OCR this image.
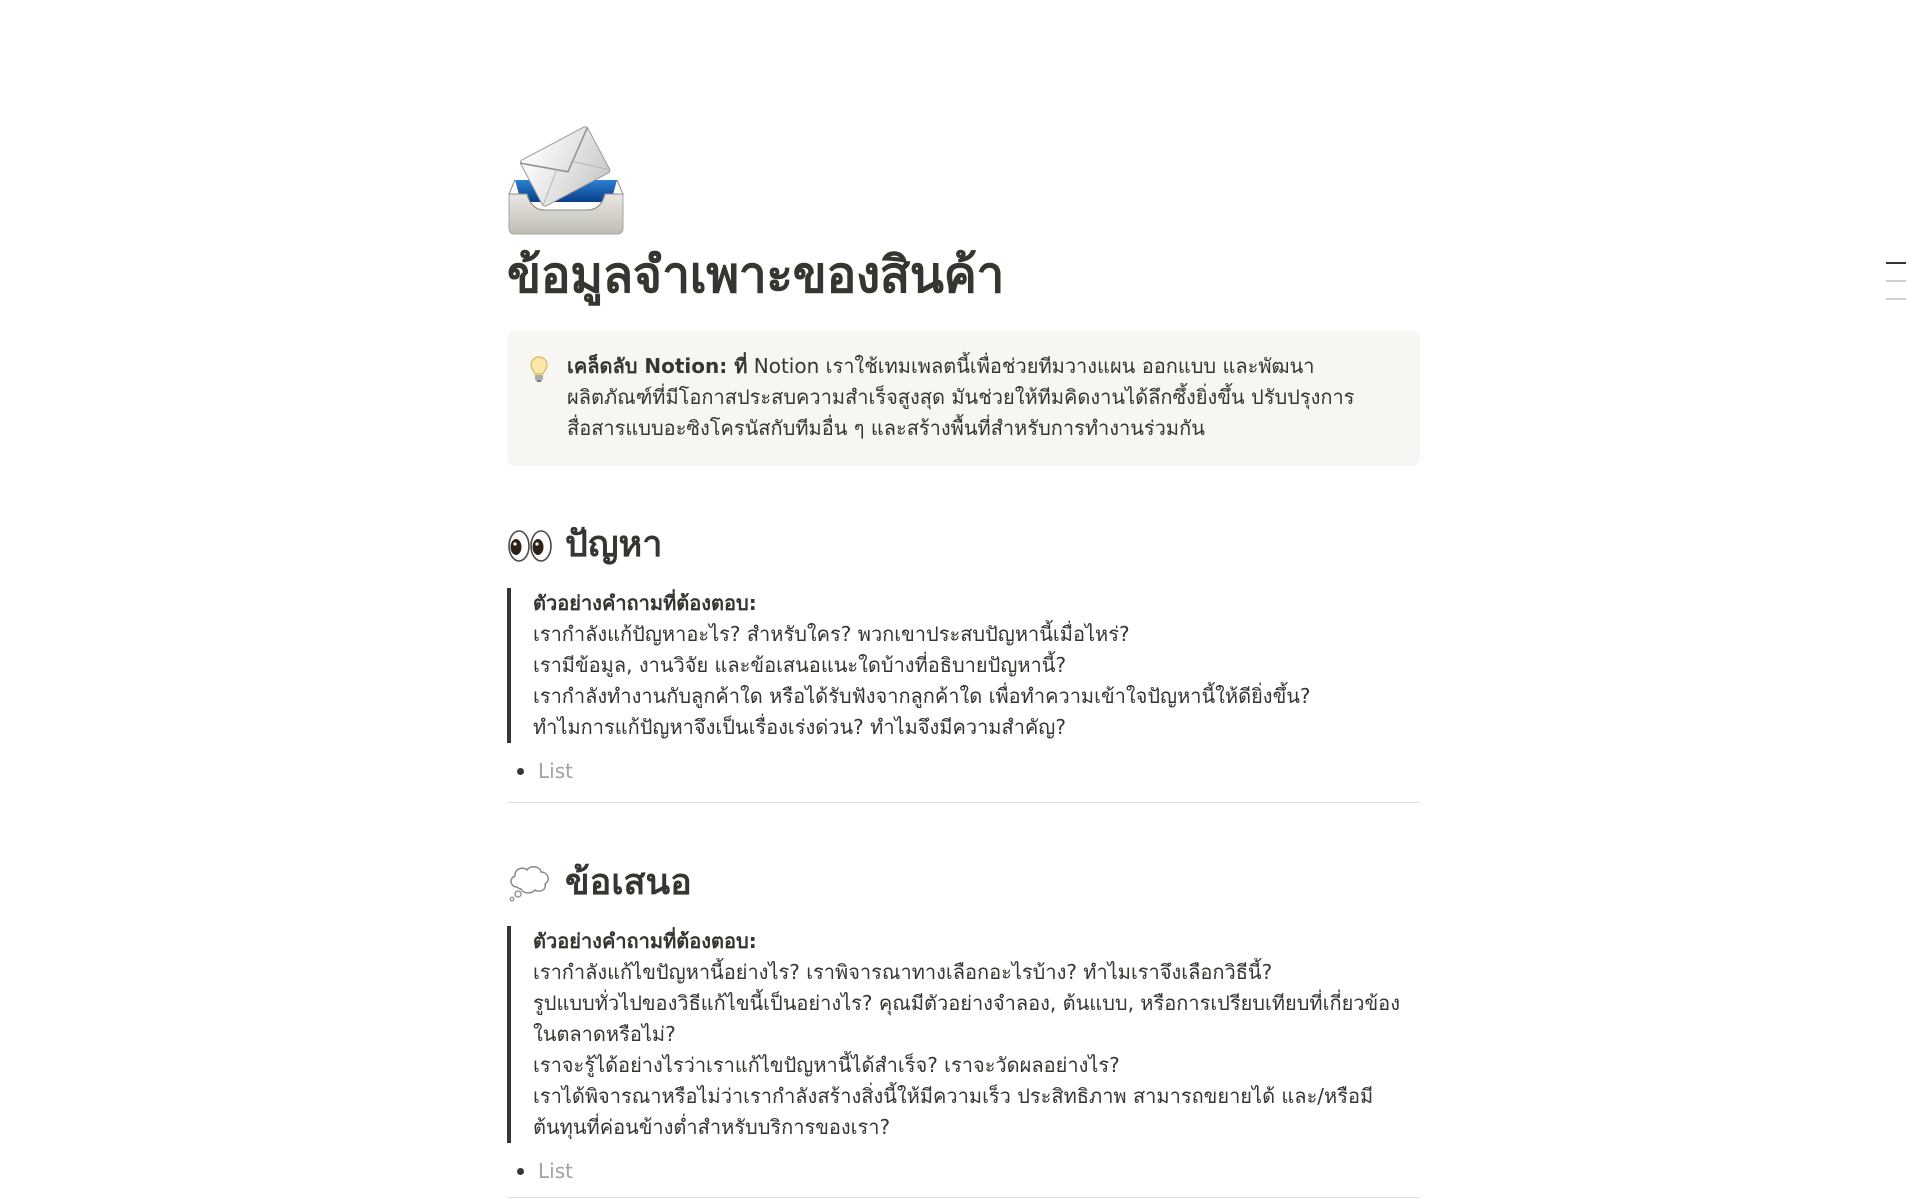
ข้อมูลจำเพาะของสินค้า
เคล็ดลับ Notion: ที่ Notion เราใช้เทมเพลตนี้เพื่อช่วยทีมวางแผน ออกแบบ และพัฒนาผลิตภัณฑ์ที่มีโอกาสประสบความสำเร็จสูงสุด มันช่วยให้ทีมคิดงานได้ลึกซึ้งยิ่งขึ้น ปรับปรุงการสื่อสารแบบอะซิงโครนัสกับทีมอื่น ๆ และสร้างพื้นที่สำหรับการทำงานร่วมกัน
ปัญหา
ตัวอย่างคำถามที่ต้องตอบ:
เรากำลังแก้ปัญหาอะไร? สำหรับใคร? พวกเขาประสบปัญหานี้เมื่อไหร่?
เรามีข้อมูล, งานวิจัย และข้อเสนอแนะใดบ้างที่อธิบายปัญหานี้?
เรากำลังทำงานกับลูกค้าใด หรือได้รับฟังจากลูกค้าใด เพื่อทำความเข้าใจปัญหานี้ให้ดียิ่งขึ้น?
ทำไมการแก้ปัญหาจึงเป็นเรื่องเร่งด่วน? ทำไมจึงมีความสำคัญ?
List
ข้อเสนอ
ตัวอย่างคำถามที่ต้องตอบ:
เรากำลังแก้ไขปัญหานี้อย่างไร? เราพิจารณาทางเลือกอะไรบ้าง? ทำไมเราจึงเลือกวิธีนี้?
รูปแบบทั่วไปของวิธีแก้ไขนี้เป็นอย่างไร? คุณมีตัวอย่างจำลอง, ต้นแบบ, หรือการเปรียบเทียบที่เกี่ยวข้องในตลาดหรือไม่?
เราจะรู้ได้อย่างไรว่าเราแก้ไขปัญหานี้ได้สำเร็จ? เราจะวัดผลอย่างไร?
เราได้พิจารณาหรือไม่ว่าเรากำลังสร้างสิ่งนี้ให้มีความเร็ว ประสิทธิภาพ สามารถขยายได้ และ/หรือมีต้นทุนที่ค่อนข้างต่ำสำหรับบริการของเรา?
List
